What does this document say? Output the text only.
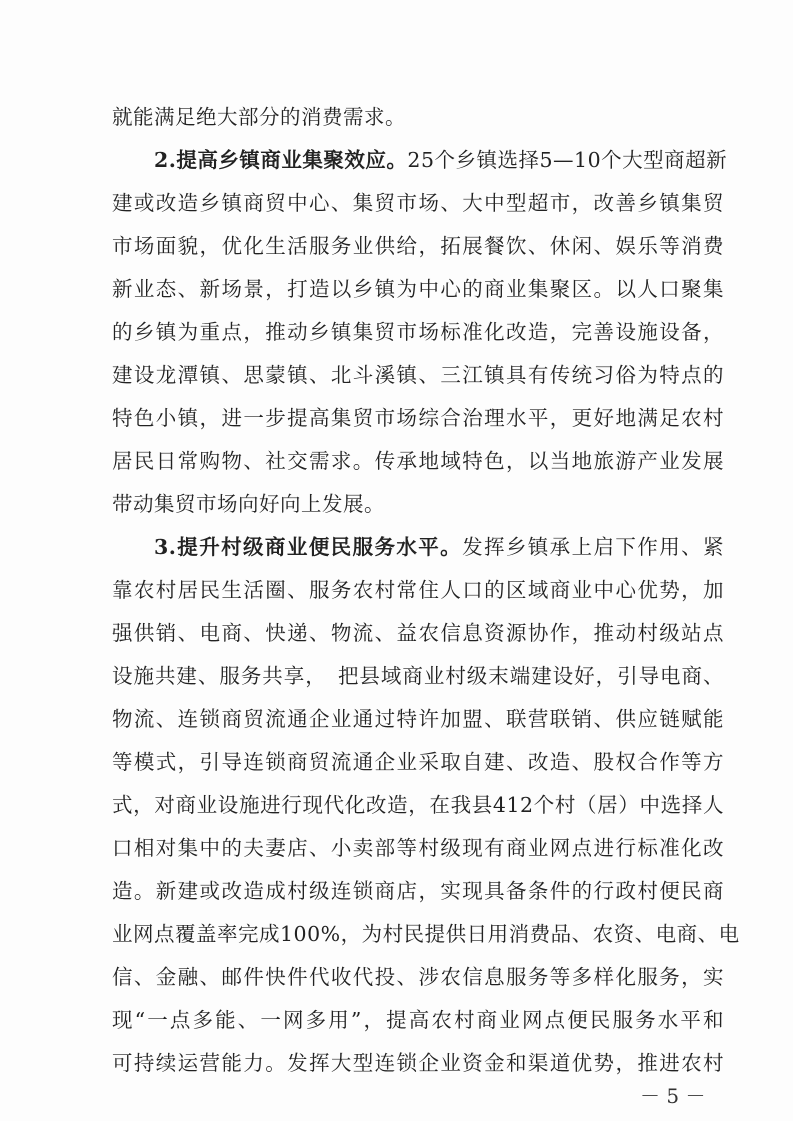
就能满足绝大部分的消费需求。
2.提高乡镇商业集聚效应。25个乡镇选择5—10个大型商超新
建或改造乡镇商贸中心、集贸市场、大中型超市，改善乡镇集贸
市场面貌，优化生活服务业供给，拓展餐饮、休闲、娱乐等消费
新业态、新场景，打造以乡镇为中心的商业集聚区。以人口聚集
的乡镇为重点，推动乡镇集贸市场标准化改造，完善设施设备，
建设龙潭镇、思蒙镇、北斗溪镇、三江镇具有传统习俗为特点的
特色小镇，进一步提高集贸市场综合治理水平，更好地满足农村
居民日常购物、社交需求。传承地域特色，以当地旅游产业发展
带动集贸市场向好向上发展。
3.提升村级商业便民服务水平。发挥乡镇承上启下作用、紧
靠农村居民生活圈、服务农村常住人口的区域商业中心优势，加
强供销、电商、快递、物流、益农信息资源协作，推动村级站点
设施共建、服务共享，　把县域商业村级末端建设好，引导电商、
物流、连锁商贸流通企业通过特许加盟、联营联销、供应链赋能
等模式，引导连锁商贸流通企业采取自建、改造、股权合作等方
式，对商业设施进行现代化改造，在我县412个村（居）中选择人
口相对集中的夫妻店、小卖部等村级现有商业网点进行标准化改
造。新建或改造成村级连锁商店，实现具备条件的行政村便民商
业网点覆盖率完成100%，为村民提供日用消费品、农资、电商、电
信、金融、邮件快件代收代投、涉农信息服务等多样化服务，实
现“一点多能、一网多用”，提高农村商业网点便民服务水平和
可持续运营能力。发挥大型连锁企业资金和渠道优势，推进农村
－ 5 －
